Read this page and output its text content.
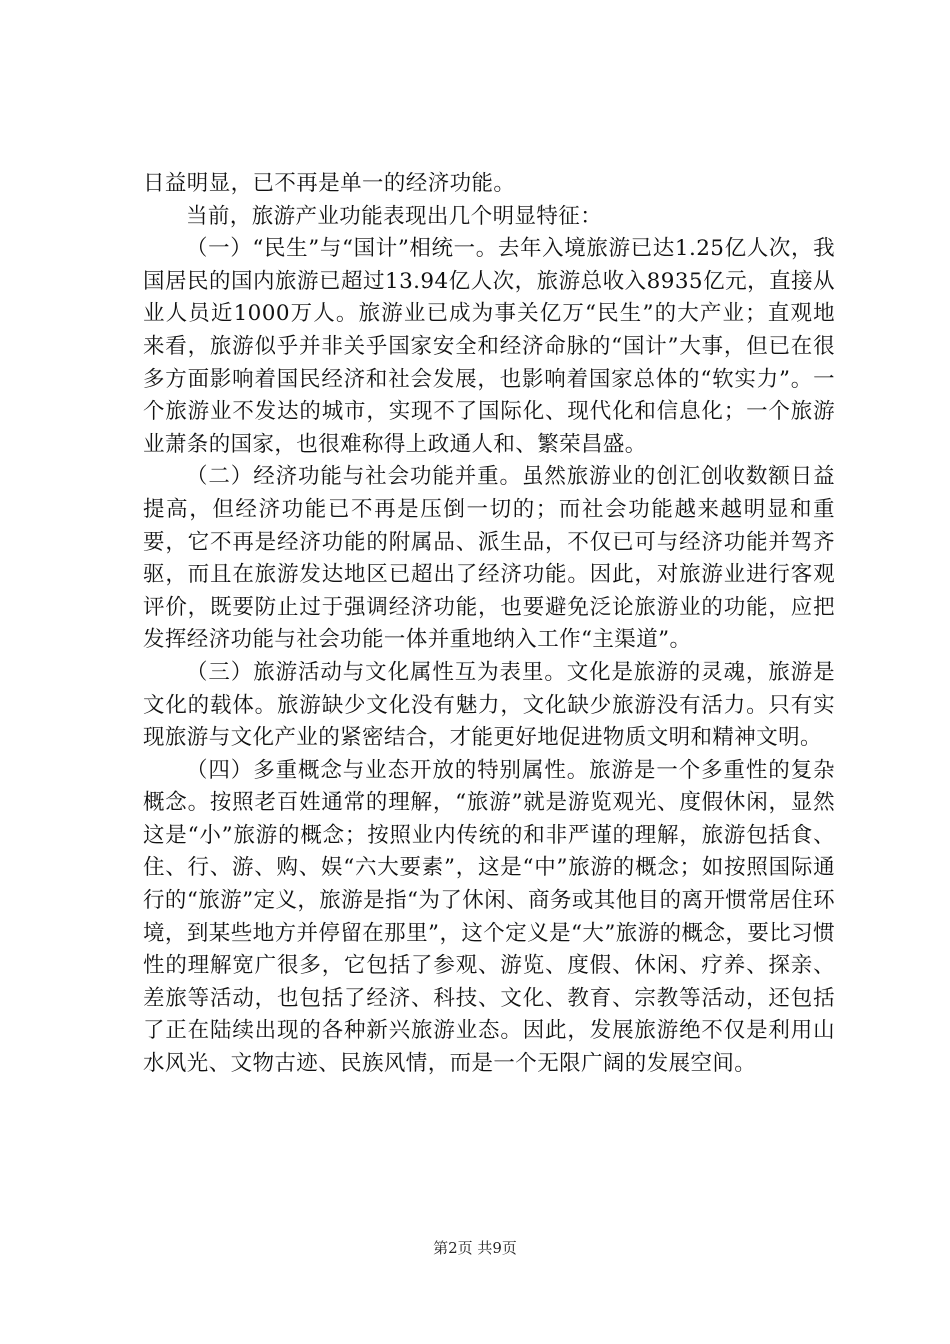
日益明显，已不再是单一的经济功能。

当前，旅游产业功能表现出几个明显特征：

（一）“民生”与“国计”相统一。去年入境旅游已达1.25亿人次，我国居民的国内旅游已超过13.94亿人次，旅游总收入8935亿元，直接从业人员近1000万人。旅游业已成为事关亿万“民生”的大产业；直观地来看，旅游似乎并非关乎国家安全和经济命脉的“国计”大事，但已在很多方面影响着国民经济和社会发展，也影响着国家总体的“软实力”。一个旅游业不发达的城市，实现不了国际化、现代化和信息化；一个旅游业萧条的国家，也很难称得上政通人和、繁荣昌盛。

（二）经济功能与社会功能并重。虽然旅游业的创汇创收数额日益提高，但经济功能已不再是压倒一切的；而社会功能越来越明显和重要，它不再是经济功能的附属品、派生品，不仅已可与经济功能并驾齐驱，而且在旅游发达地区已超出了经济功能。因此，对旅游业进行客观评价，既要防止过于强调经济功能，也要避免泛论旅游业的功能，应把发挥经济功能与社会功能一体并重地纳入工作“主渠道”。

（三）旅游活动与文化属性互为表里。文化是旅游的灵魂，旅游是文化的载体。旅游缺少文化没有魅力，文化缺少旅游没有活力。只有实现旅游与文化产业的紧密结合，才能更好地促进物质文明和精神文明。

（四）多重概念与业态开放的特别属性。旅游是一个多重性的复杂概念。按照老百姓通常的理解，“旅游”就是游览观光、度假休闲，显然这是“小”旅游的概念；按照业内传统的和非严谨的理解，旅游包括食、住、行、游、购、娱“六大要素”，这是“中”旅游的概念；如按照国际通行的“旅游”定义，旅游是指“为了休闲、商务或其他目的离开惯常居住环境，到某些地方并停留在那里”，这个定义是“大”旅游的概念，要比习惯性的理解宽广很多，它包括了参观、游览、度假、休闲、疗养、探亲、差旅等活动，也包括了经济、科技、文化、教育、宗教等活动，还包括了正在陆续出现的各种新兴旅游业态。因此，发展旅游绝不仅是利用山水风光、文物古迹、民族风情，而是一个无限广阔的发展空间。

第2页 共9页
